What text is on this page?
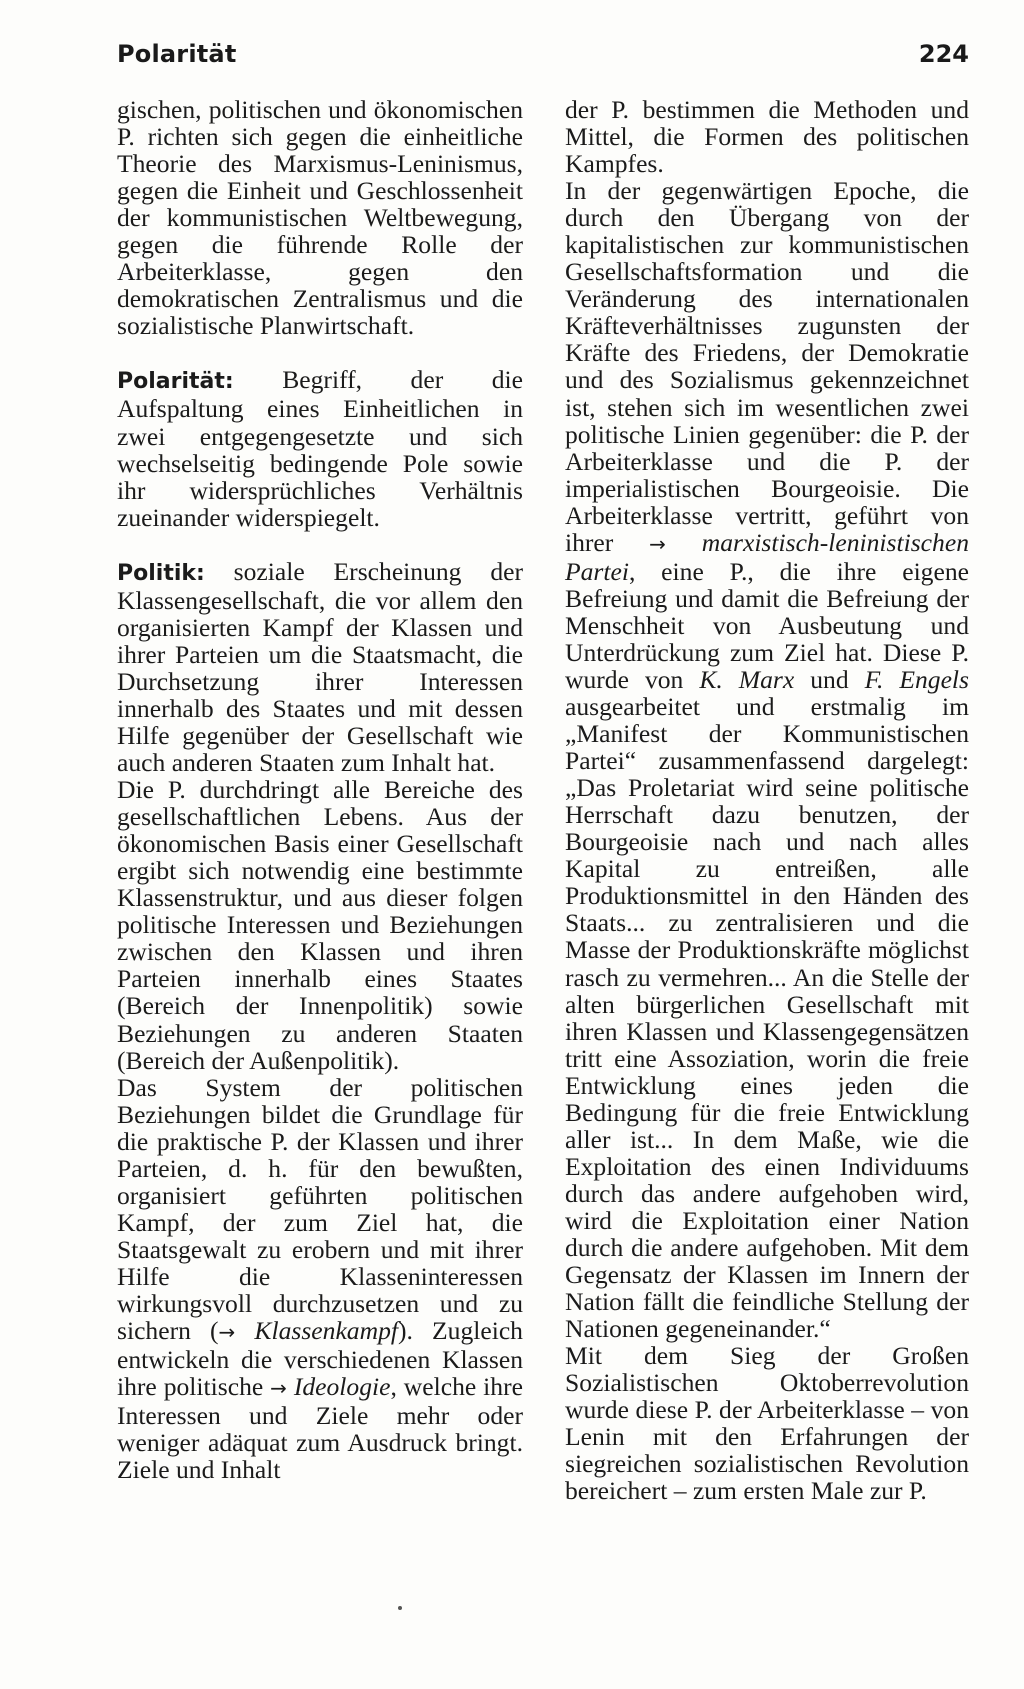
Polarität	224

gischen, politischen und ökonomischen P. richten sich gegen die einheitliche Theorie des Marxismus-Leninismus, gegen die Einheit und Geschlossenheit der kommunistischen Weltbewegung, gegen die führende Rolle der Arbeiterklasse, gegen den demokratischen Zentralismus und die sozialistische Planwirtschaft.

Polarität: Begriff, der die Aufspaltung eines Einheitlichen in zwei entgegengesetzte und sich wechselseitig bedingende Pole sowie ihr widersprüchliches Verhältnis zueinander widerspiegelt.

Politik: soziale Erscheinung der Klassengesellschaft, die vor allem den organisierten Kampf der Klassen und ihrer Parteien um die Staatsmacht, die Durchsetzung ihrer Interessen innerhalb des Staates und mit dessen Hilfe gegenüber der Gesellschaft wie auch anderen Staaten zum Inhalt hat.

Die P. durchdringt alle Bereiche des gesellschaftlichen Lebens. Aus der ökonomischen Basis einer Gesellschaft ergibt sich notwendig eine bestimmte Klassenstruktur, und aus dieser folgen politische Interessen und Beziehungen zwischen den Klassen und ihren Parteien innerhalb eines Staates (Bereich der Innenpolitik) sowie Beziehungen zu anderen Staaten (Bereich der Außenpolitik).

Das System der politischen Beziehungen bildet die Grundlage für die praktische P. der Klassen und ihrer Parteien, d. h. für den bewußten, organisiert geführten politischen Kampf, der zum Ziel hat, die Staatsgewalt zu erobern und mit ihrer Hilfe die Klasseninteressen wirkungsvoll durchzusetzen und zu sichern (→ Klassenkampf). Zugleich entwickeln die verschiedenen Klassen ihre politische → Ideologie, welche ihre Interessen und Ziele mehr oder weniger adäquat zum Ausdruck bringt. Ziele und Inhalt

der P. bestimmen die Methoden und Mittel, die Formen des politischen Kampfes.

In der gegenwärtigen Epoche, die durch den Übergang von der kapitalistischen zur kommunistischen Gesellschaftsformation und die Veränderung des internationalen Kräfteverhältnisses zugunsten der Kräfte des Friedens, der Demokratie und des Sozialismus gekennzeichnet ist, stehen sich im wesentlichen zwei politische Linien gegenüber: die P. der Arbeiterklasse und die P. der imperialistischen Bourgeoisie. Die Arbeiterklasse vertritt, geführt von ihrer → marxistisch-leninistischen Partei, eine P., die ihre eigene Befreiung und damit die Befreiung der Menschheit von Ausbeutung und Unterdrückung zum Ziel hat. Diese P. wurde von K. Marx und F. Engels ausgearbeitet und erstmalig im „Manifest der Kommunistischen Partei“ zusammenfassend dargelegt: „Das Proletariat wird seine politische Herrschaft dazu benutzen, der Bourgeoisie nach und nach alles Kapital zu entreißen, alle Produktionsmittel in den Händen des Staats... zu zentralisieren und die Masse der Produktionskräfte möglichst rasch zu vermehren... An die Stelle der alten bürgerlichen Gesellschaft mit ihren Klassen und Klassengegensätzen tritt eine Assoziation, worin die freie Entwicklung eines jeden die Bedingung für die freie Entwicklung aller ist... In dem Maße, wie die Exploitation des einen Individuums durch das andere aufgehoben wird, wird die Exploitation einer Nation durch die andere aufgehoben. Mit dem Gegensatz der Klassen im Innern der Nation fällt die feindliche Stellung der Nationen gegeneinander.“

Mit dem Sieg der Großen Sozialistischen Oktoberrevolution wurde diese P. der Arbeiterklasse – von Lenin mit den Erfahrungen der siegreichen sozialistischen Revolution bereichert – zum ersten Male zur P.
